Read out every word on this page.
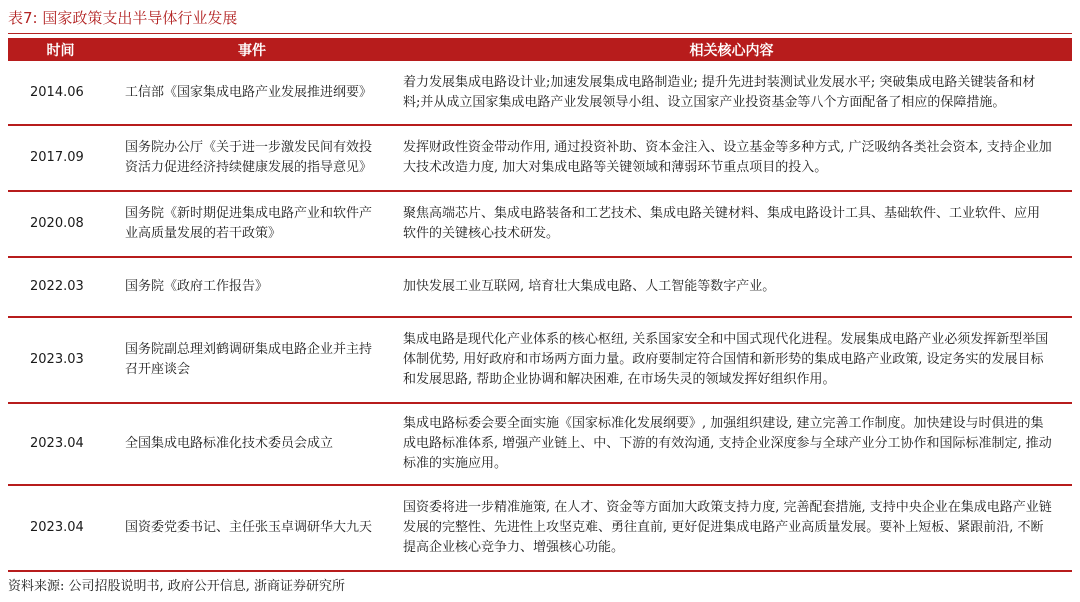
表7: 国家政策支出半导体行业发展
时间	事件	相关核心内容
2014.06	工信部《国家集成电路产业发展推进纲要》	着力发展集成电路设计业;加速发展集成电路制造业; 提升先进封装测试业发展水平; 突破集成电路关键装备和材料;并从成立国家集成电路产业发展领导小组、设立国家产业投资基金等八个方面配备了相应的保障措施。
2017.09	国务院办公厅《关于进一步激发民间有效投资活力促进经济持续健康发展的指导意见》	发挥财政性资金带动作用, 通过投资补助、资本金注入、设立基金等多种方式, 广泛吸纳各类社会资本, 支持企业加大技术改造力度, 加大对集成电路等关键领域和薄弱环节重点项目的投入。
2020.08	国务院《新时期促进集成电路产业和软件产业高质量发展的若干政策》	聚焦高端芯片、集成电路装备和工艺技术、集成电路关键材料、集成电路设计工具、基础软件、工业软件、应用软件的关键核心技术研发。
2022.03	国务院《政府工作报告》	加快发展工业互联网, 培育壮大集成电路、人工智能等数字产业。
2023.03	国务院副总理刘鹤调研集成电路企业并主持召开座谈会	集成电路是现代化产业体系的核心枢纽, 关系国家安全和中国式现代化进程。发展集成电路产业必须发挥新型举国体制优势, 用好政府和市场两方面力量。政府要制定符合国情和新形势的集成电路产业政策, 设定务实的发展目标和发展思路, 帮助企业协调和解决困难, 在市场失灵的领域发挥好组织作用。
2023.04	全国集成电路标准化技术委员会成立	集成电路标委会要全面实施《国家标准化发展纲要》, 加强组织建设, 建立完善工作制度。加快建设与时俱进的集成电路标准体系, 增强产业链上、中、下游的有效沟通, 支持企业深度参与全球产业分工协作和国际标准制定, 推动标准的实施应用。
2023.04	国资委党委书记、主任张玉卓调研华大九天	国资委将进一步精准施策, 在人才、资金等方面加大政策支持力度, 完善配套措施, 支持中央企业在集成电路产业链发展的完整性、先进性上攻坚克难、勇往直前, 更好促进集成电路产业高质量发展。要补上短板、紧跟前沿, 不断提高企业核心竞争力、增强核心功能。
资料来源: 公司招股说明书, 政府公开信息, 浙商证券研究所
